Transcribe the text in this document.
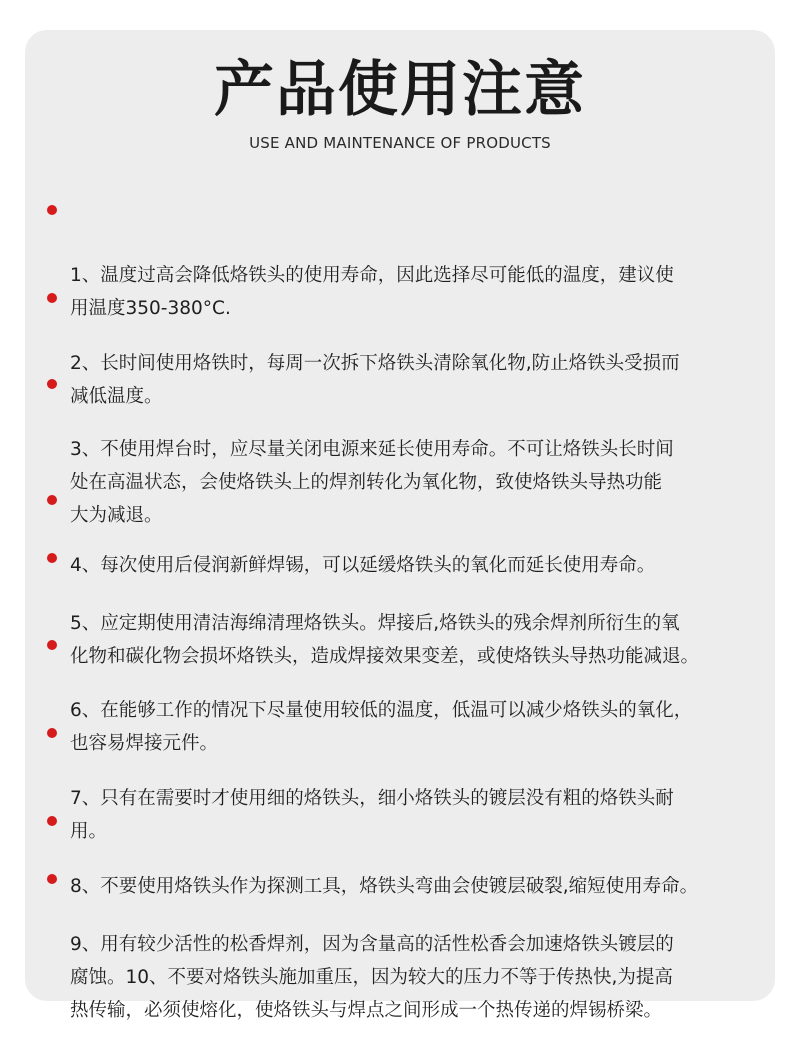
产品使用注意
USE AND MAINTENANCE OF PRODUCTS

1、温度过高会降低烙铁头的使用寿命，因此选择尽可能低的温度，建议使
用温度350-380°C.

2、长时间使用烙铁时，每周一次拆下烙铁头清除氧化物,防止烙铁头受损而
减低温度。

3、不使用焊台时，应尽量关闭电源来延长使用寿命。不可让烙铁头长时间
处在高温状态，会使烙铁头上的焊剂转化为氧化物，致使烙铁头导热功能
大为减退。

4、每次使用后侵润新鲜焊锡，可以延缓烙铁头的氧化而延长使用寿命。

5、应定期使用清洁海绵清理烙铁头。焊接后,烙铁头的残余焊剂所衍生的氧
化物和碳化物会损坏烙铁头，造成焊接效果变差，或使烙铁头导热功能减退。

6、在能够工作的情况下尽量使用较低的温度，低温可以减少烙铁头的氧化，
也容易焊接元件。

7、只有在需要时才使用细的烙铁头，细小烙铁头的镀层没有粗的烙铁头耐
用。

8、不要使用烙铁头作为探测工具，烙铁头弯曲会使镀层破裂,缩短使用寿命。

9、用有较少活性的松香焊剂，因为含量高的活性松香会加速烙铁头镀层的
腐蚀。10、不要对烙铁头施加重压，因为较大的压力不等于传热快,为提高
热传输，必须使熔化，使烙铁头与焊点之间形成一个热传递的焊锡桥梁。
